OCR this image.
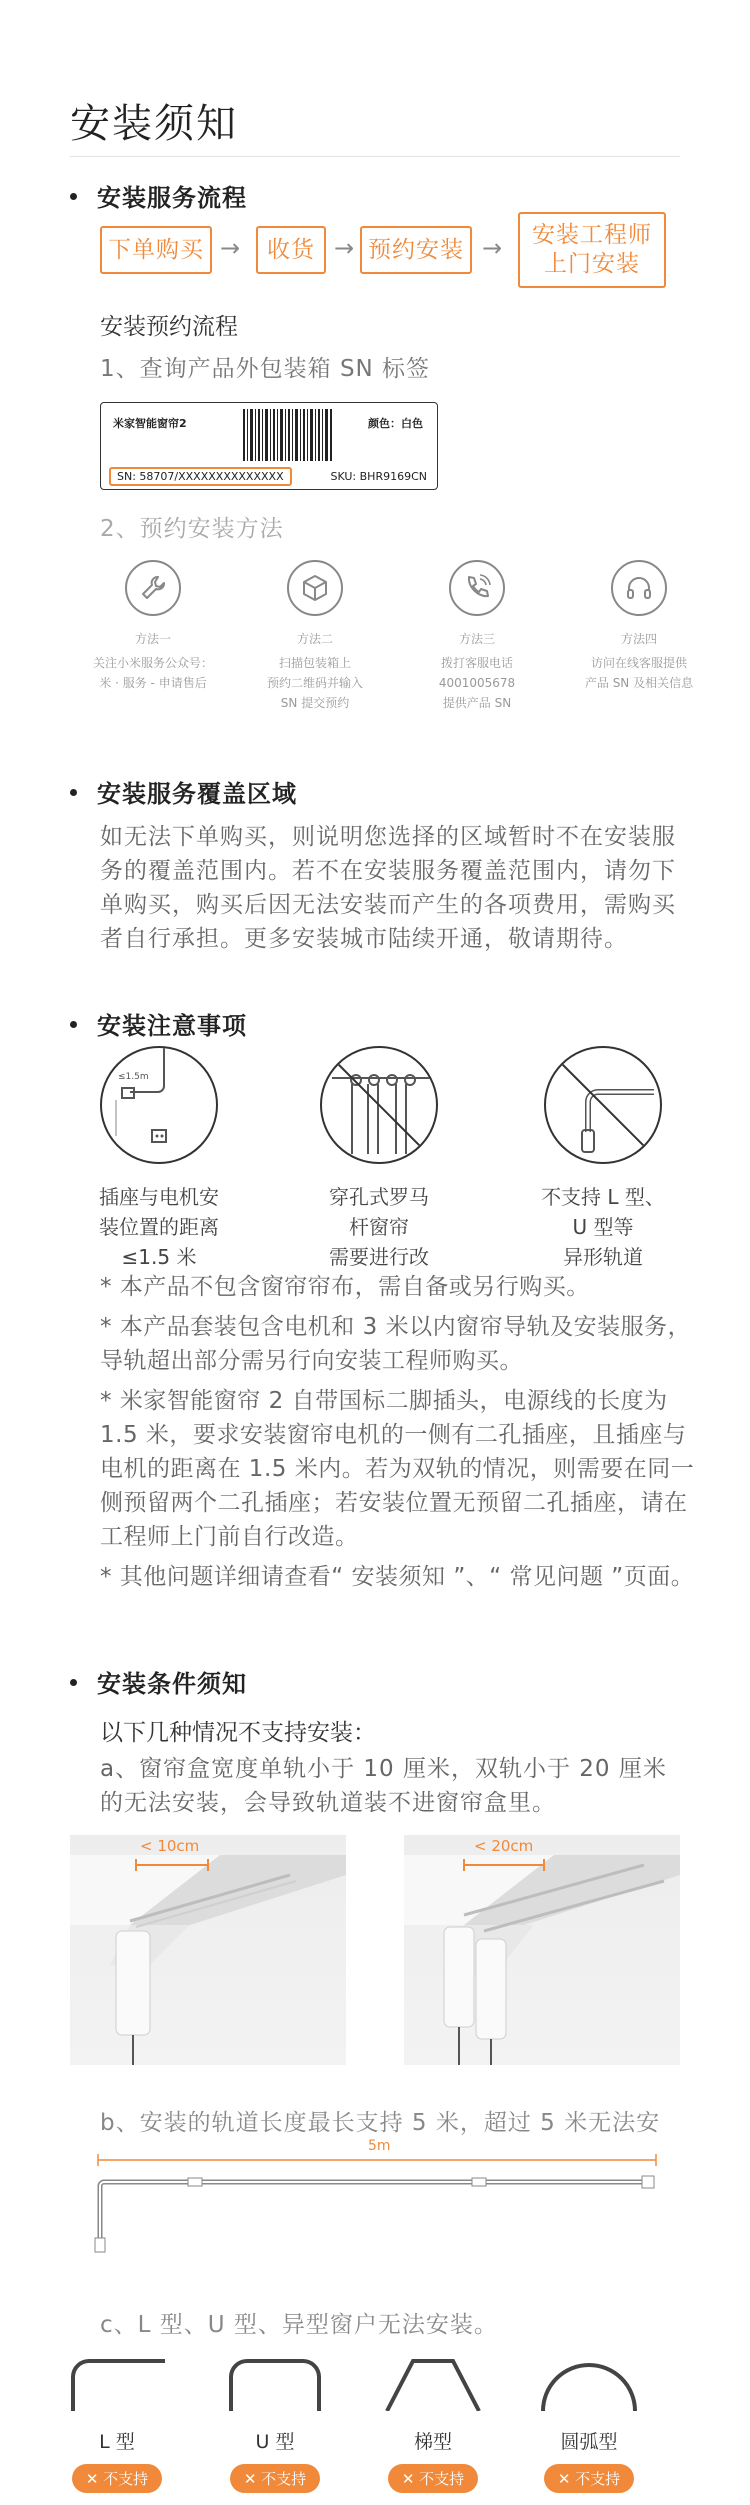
安装须知
安装服务流程
下单购买 →	收货 → 预约安装 →	安装工程师
上门安装
安装预约流程
1、查询产品外包装箱 SN 标签
米家智能窗帘2	颜色：白色
SN: 58707/XXXXXXXXXXXXXX	SKU: BHR9169CN
2、预约安装方法
方法一
关注小米服务公众号：
米 · 服务 - 申请售后
方法二
扫描包装箱上
预约二维码并输入
SN 提交预约
方法三
拨打客服电话
4001005678
提供产品 SN
方法四
访问在线客服提供
产品 SN 及相关信息
安装服务覆盖区域
如无法下单购买，则说明您选择的区域暂时不在安装服务的覆盖范围内。若不在安装服务覆盖范围内，请勿下单购买，购买后因无法安装而产生的各项费用，需购买者自行承担。更多安装城市陆续开通，敬请期待。
安装注意事项
≤1.5m
插座与电机安
装位置的距离
≤1.5 米
穿孔式罗马
杆窗帘
需要进行改
不支持 L 型、
U 型等
异形轨道

* 本产品不包含窗帘帘布，需自备或另行购买。

* 本产品套装包含电机和 3 米以内窗帘导轨及安装服务，导轨超出部分需另行向安装工程师购买。

* 米家智能窗帘 2 自带国标二脚插头，电源线的长度为 1.5 米，要求安装窗帘电机的一侧有二孔插座，且插座与电机的距离在 1.5 米内。若为双轨的情况，则需要在同一侧预留两个二孔插座；若安装位置无预留二孔插座，请在工程师上门前自行改造。

* 其他问题详细请查看“ 安装须知 ”、“ 常见问题 ”页面。

安装条件须知
以下几种情况不支持安装：
a、窗帘盒宽度单轨小于 10 厘米，双轨小于 20 厘米的无法安装，会导致轨道装不进窗帘盒里。
< 10cm	< 20cm
b、安装的轨道长度最长支持 5 米，超过 5 米无法安
5m
c、L 型、U 型、异型窗户无法安装。
L 型
✕ 不支持
U 型
✕ 不支持
梯型
✕ 不支持
圆弧型
✕ 不支持
